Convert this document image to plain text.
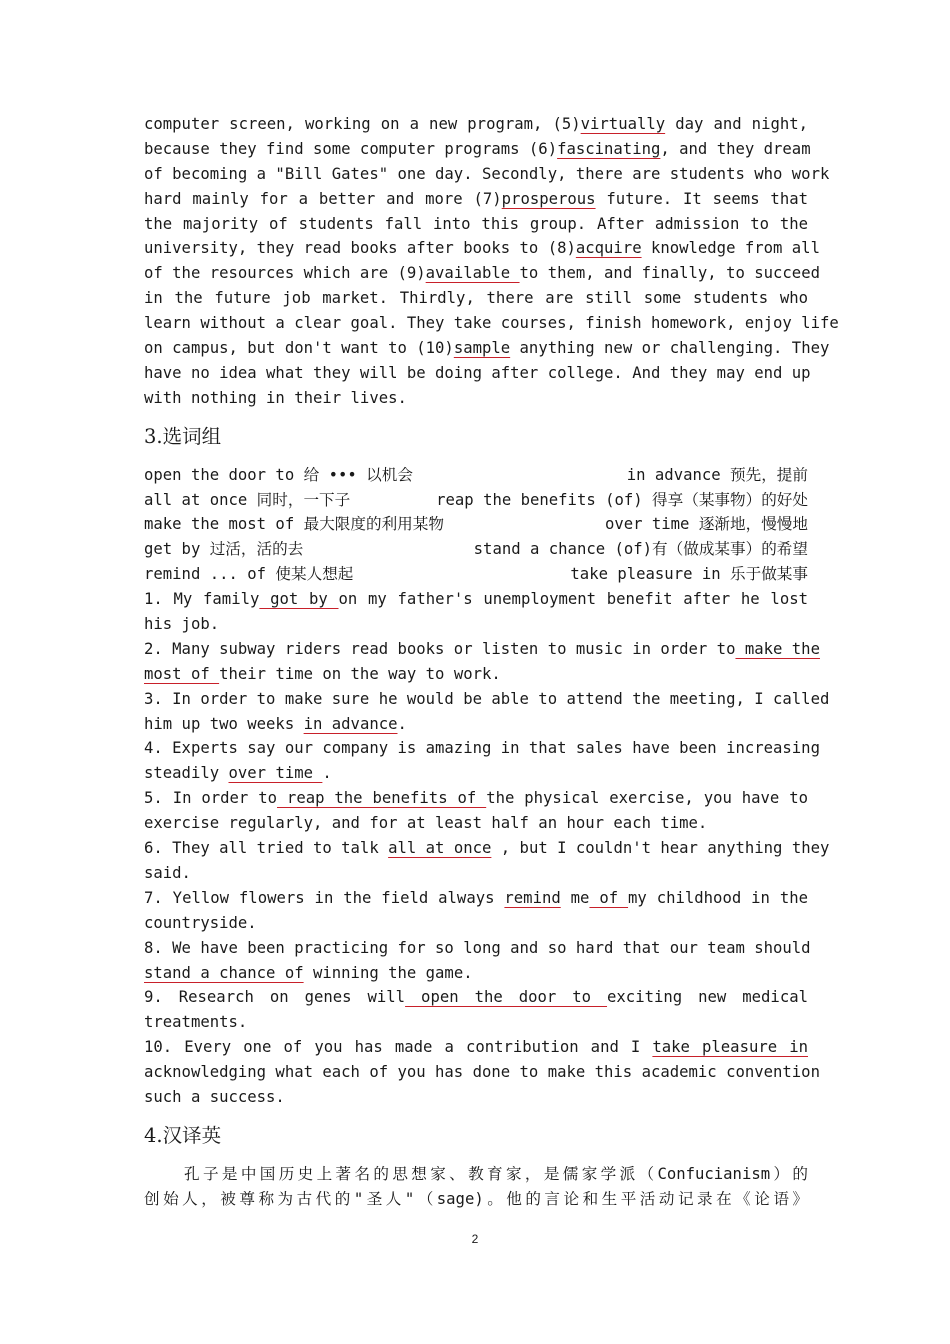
computer screen, working on a new program, (5)virtually day and night,
because they find some computer programs (6)fascinating, and they dream
of becoming a "Bill Gates" one day. Secondly, there are students who work
hard mainly for a better and more (7)prosperous future. It seems that
the majority of students fall into this group. After admission to the
university, they read books after books to (8)acquire knowledge from all
of the resources which are (9)available to them, and finally, to succeed
in the future job market. Thirdly, there are still some students who
learn without a clear goal. They take courses, finish homework, enjoy life
on campus, but don't want to (10)sample anything new or challenging. They
have no idea what they will be doing after college. And they may end up
with nothing in their lives.
3.选词组
open the door to 给 ••• 以机会	in advance 预先，提前
all at once 同时，一下子	reap the benefits (of) 得享（某事物）的好处
make the most of 最大限度的利用某物	over time 逐渐地，慢慢地
get by 过活，活的去	stand a chance (of)有（做成某事）的希望
remind ... of 使某人想起	take pleasure in 乐于做某事
1. My family got by on my father's unemployment benefit after he lost
his job.
2. Many subway riders read books or listen to music in order to make the
most of their time on the way to work.
3. In order to make sure he would be able to attend the meeting, I called
him up two weeks in advance.
4. Experts say our company is amazing in that sales have been increasing
steadily over time .
5. In order to reap the benefits of the physical exercise, you have to
exercise regularly, and for at least half an hour each time.
6. They all tried to talk all at once , but I couldn't hear anything they
said.
7. Yellow flowers in the field always remind me of my childhood in the
countryside.
8. We have been practicing for so long and so hard that our team should
stand a chance of winning the game.
9. Research on genes will open the door to exciting new medical
treatments.
10. Every one of you has made a contribution and I take pleasure in
acknowledging what each of you has done to make this academic convention
such a success.
4.汉译英
孔子是中国历史上著名的思想家、教育家，是儒家学派（Confucianism）的
创始人，被尊称为古代的"圣人"（sage)。他的言论和生平活动记录在《论语》
2
